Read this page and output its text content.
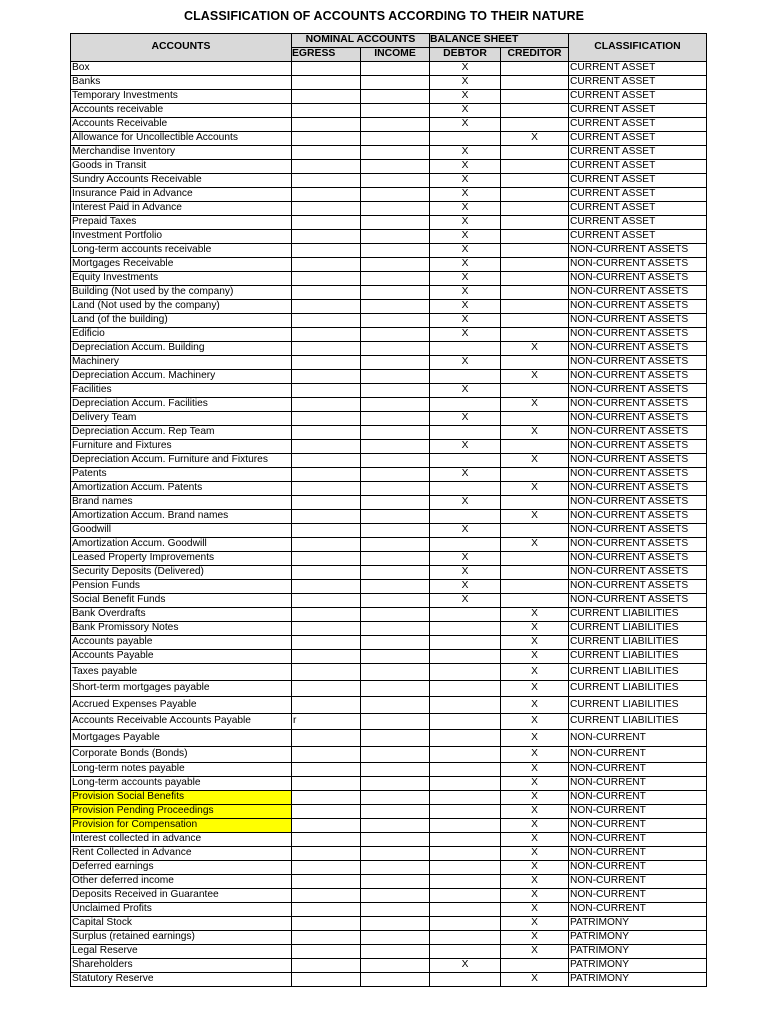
CLASSIFICATION OF ACCOUNTS ACCORDING TO THEIR NATURE
ACCOUNTS	NOMINAL ACCOUNTS		BALANCE SHEET		CLASSIFICATION
	EGRESS	INCOME	DEBTOR	CREDITOR	
Box			X		CURRENT ASSET
Banks			X		CURRENT ASSET
Temporary Investments			X		CURRENT ASSET
Accounts receivable			X		CURRENT ASSET
Accounts Receivable			X		CURRENT ASSET
Allowance for Uncollectible Accounts				X	CURRENT ASSET
Merchandise Inventory			X		CURRENT ASSET
Goods in Transit			X		CURRENT ASSET
Sundry Accounts Receivable			X		CURRENT ASSET
Insurance Paid in Advance			X		CURRENT ASSET
Interest Paid in Advance			X		CURRENT ASSET
Prepaid Taxes			X		CURRENT ASSET
Investment Portfolio			X		CURRENT ASSET
Long-term accounts receivable			X		NON-CURRENT ASSETS
Mortgages Receivable			X		NON-CURRENT ASSETS
Equity Investments			X		NON-CURRENT ASSETS
Building (Not used by the company)			X		NON-CURRENT ASSETS
Land (Not used by the company)			X		NON-CURRENT ASSETS
Land (of the building)			X		NON-CURRENT ASSETS
Edificio			X		NON-CURRENT ASSETS
Depreciation Accum. Building				X	NON-CURRENT ASSETS
Machinery			X		NON-CURRENT ASSETS
Depreciation Accum. Machinery				X	NON-CURRENT ASSETS
Facilities			X		NON-CURRENT ASSETS
Depreciation Accum. Facilities				X	NON-CURRENT ASSETS
Delivery Team			X		NON-CURRENT ASSETS
Depreciation Accum. Rep Team				X	NON-CURRENT ASSETS
Furniture and Fixtures			X		NON-CURRENT ASSETS
Depreciation Accum. Furniture and Fixtures				X	NON-CURRENT ASSETS
Patents			X		NON-CURRENT ASSETS
Amortization Accum. Patents				X	NON-CURRENT ASSETS
Brand names			X		NON-CURRENT ASSETS
Amortization Accum. Brand names				X	NON-CURRENT ASSETS
Goodwill			X		NON-CURRENT ASSETS
Amortization Accum. Goodwill				X	NON-CURRENT ASSETS
Leased Property Improvements			X		NON-CURRENT ASSETS
Security Deposits (Delivered)			X		NON-CURRENT ASSETS
Pension Funds			X		NON-CURRENT ASSETS
Social Benefit Funds			X		NON-CURRENT ASSETS
Bank Overdrafts				X	CURRENT LIABILITIES
Bank Promissory Notes				X	CURRENT LIABILITIES
Accounts payable				X	CURRENT LIABILITIES
Accounts Payable				X	CURRENT LIABILITIES
Taxes payable				X	CURRENT LIABILITIES
Short-term mortgages payable				X	CURRENT LIABILITIES
Accrued Expenses Payable				X	CURRENT LIABILITIES
Accounts Receivable Accounts Payable	r			X	CURRENT LIABILITIES
Mortgages Payable				X	NON-CURRENT
Corporate Bonds (Bonds)				X	NON-CURRENT
Long-term notes payable				X	NON-CURRENT
Long-term accounts payable				X	NON-CURRENT
Provision Social Benefits				X	NON-CURRENT
Provision Pending Proceedings				X	NON-CURRENT
Provision for Compensation				X	NON-CURRENT
Interest collected in advance				X	NON-CURRENT
Rent Collected in Advance				X	NON-CURRENT
Deferred earnings				X	NON-CURRENT
Other deferred income				X	NON-CURRENT
Deposits Received in Guarantee				X	NON-CURRENT
Unclaimed Profits				X	NON-CURRENT
Capital Stock				X	PATRIMONY
Surplus (retained earnings)				X	PATRIMONY
Legal Reserve				X	PATRIMONY
Shareholders			X		PATRIMONY
Statutory Reserve				X	PATRIMONY
